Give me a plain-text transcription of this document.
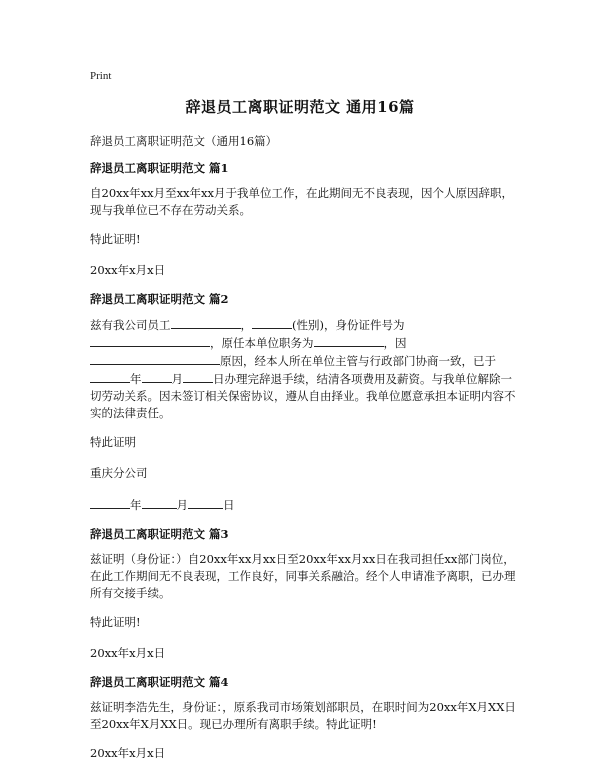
Print
辞退员工离职证明范文 通用16篇

辞退员工离职证明范文（通用16篇）

辞退员工离职证明范文 篇1

自20xx年xx月至xx年xx月于我单位工作，在此期间无不良表现，因个人原因辞职，现与我单位已不存在劳动关系。

特此证明!

20xx年x月x日

辞退员工离职证明范文 篇2

兹有我公司员工	，	(性别)，身份证件号为，原任本单位职务为	，因原因，经本人所在单位主管与行政部门协商一致，已于年	月	日办理完辞退手续，结清各项费用及薪资。与我单位解除一切劳动关系。因未签订相关保密协议，遵从自由择业。我单位愿意承担本证明内容不实的法律责任。

特此证明

重庆分公司

年	月	日

辞退员工离职证明范文 篇3

兹证明（身份证：）自20xx年xx月xx日至20xx年xx月xx日在我司担任xx部门岗位，在此工作期间无不良表现，工作良好，同事关系融洽。经个人申请准予离职，已办理所有交接手续。

特此证明!

20xx年x月x日

辞退员工离职证明范文 篇4

兹证明李浩先生，身份证：，原系我司市场策划部职员，在职时间为20xx年X月XX日至20xx年X月XX日。现已办理所有离职手续。特此证明!

20xx年x月x日
